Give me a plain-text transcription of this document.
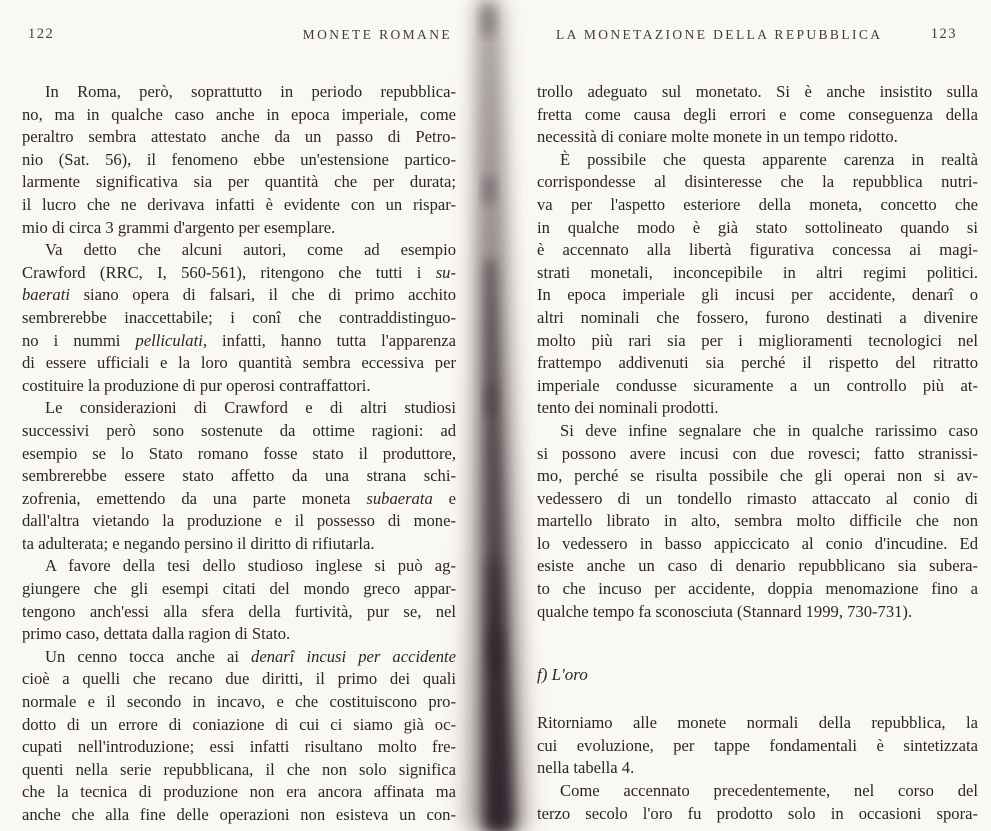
122	MONETE ROMANE
In Roma, però, soprattutto in periodo repubblica-
no, ma in qualche caso anche in epoca imperiale, come
peraltro sembra attestato anche da un passo di Petro-
nio (Sat. 56), il fenomeno ebbe un'estensione partico-
larmente significativa sia per quantità che per durata;
il lucro che ne derivava infatti è evidente con un rispar-
mio di circa 3 grammi d'argento per esemplare.
Va detto che alcuni autori, come ad esempio
Crawford (RRC, I, 560-561), ritengono che tutti i su-
baerati siano opera di falsari, il che di primo acchito
sembrerebbe inaccettabile; i conî che contraddistinguo-
no i nummi pelliculati, infatti, hanno tutta l'apparenza
di essere ufficiali e la loro quantità sembra eccessiva per
costituire la produzione di pur operosi contraffattori.
Le considerazioni di Crawford e di altri studiosi
successivi però sono sostenute da ottime ragioni: ad
esempio se lo Stato romano fosse stato il produttore,
sembrerebbe essere stato affetto da una strana schi-
zofrenia, emettendo da una parte moneta subaerata e
dall'altra vietando la produzione e il possesso di mone-
ta adulterata; e negando persino il diritto di rifiutarla.
A favore della tesi dello studioso inglese si può ag-
giungere che gli esempi citati del mondo greco appar-
tengono anch'essi alla sfera della furtività, pur se, nel
primo caso, dettata dalla ragion di Stato.
Un cenno tocca anche ai denarî incusi per accidente
cioè a quelli che recano due diritti, il primo dei quali
normale e il secondo in incavo, e che costituiscono pro-
dotto di un errore di coniazione di cui ci siamo già oc-
cupati nell'introduzione; essi infatti risultano molto fre-
quenti nella serie repubblicana, il che non solo significa
che la tecnica di produzione non era ancora affinata ma
anche che alla fine delle operazioni non esisteva un con-
LA MONETAZIONE DELLA REPUBBLICA	123
trollo adeguato sul monetato. Si è anche insistito sulla
fretta come causa degli errori e come conseguenza della
necessità di coniare molte monete in un tempo ridotto.
È possibile che questa apparente carenza in realtà
corrispondesse al disinteresse che la repubblica nutri-
va per l'aspetto esteriore della moneta, concetto che
in qualche modo è già stato sottolineato quando si
è accennato alla libertà figurativa concessa ai magi-
strati monetali, inconcepibile in altri regimi politici.
In epoca imperiale gli incusi per accidente, denarî o
altri nominali che fossero, furono destinati a divenire
molto più rari sia per i miglioramenti tecnologici nel
frattempo addivenuti sia perché il rispetto del ritratto
imperiale condusse sicuramente a un controllo più at-
tento dei nominali prodotti.
Si deve infine segnalare che in qualche rarissimo caso
si possono avere incusi con due rovesci; fatto stranissi-
mo, perché se risulta possibile che gli operai non si av-
vedessero di un tondello rimasto attaccato al conio di
martello librato in alto, sembra molto difficile che non
lo vedessero in basso appiccicato al conio d'incudine. Ed
esiste anche un caso di denario repubblicano sia subera-
to che incuso per accidente, doppia menomazione fino a
qualche tempo fa sconosciuta (Stannard 1999, 730-731).
f) L'oro
Ritorniamo alle monete normali della repubblica, la
cui evoluzione, per tappe fondamentali è sintetizzata
nella tabella 4.
Come accennato precedentemente, nel corso del
terzo secolo l'oro fu prodotto solo in occasioni spora-
